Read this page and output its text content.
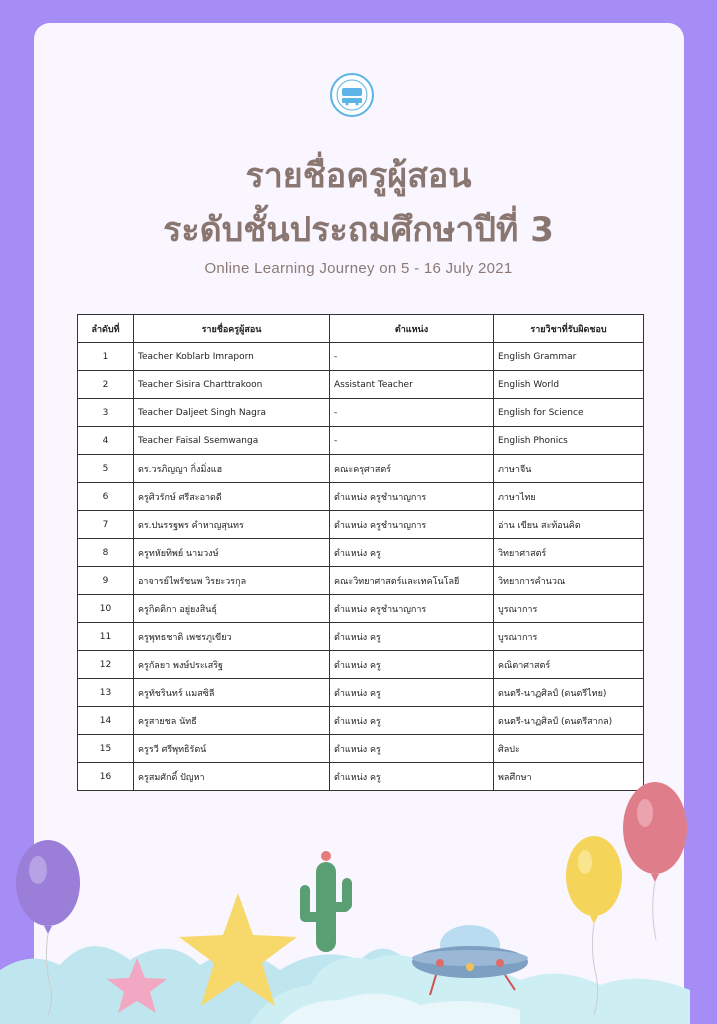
รายชื่อครูผู้สอน
ระดับชั้นประถมศึกษาปีที่ 3
Online Learning Journey on 5 - 16 July 2021
ลำดับที่	รายชื่อครูผู้สอน	ตำแหน่ง	รายวิชาที่รับผิดชอบ
1	Teacher Koblarb Imraporn	-	English Grammar
2	Teacher Sisira Charttrakoon	Assistant Teacher	English World
3	Teacher Daljeet Singh Nagra	-	English for Science
4	Teacher Faisal Ssemwanga	-	English Phonics
5	ดร.วรภิญญา กิ่งมิ่งแฮ	คณะครุศาสตร์	ภาษาจีน
6	ครูศิวรักษ์ ศรีสะอาดดี	ตำแหน่ง ครูชำนาญการ	ภาษาไทย
7	ดร.ปนรรฐพร คำหาญสุนทร	ตำแหน่ง ครูชำนาญการ	อ่าน เขียน สะท้อนคิด
8	ครูทหัยทิพย์ นามวงษ์	ตำแหน่ง ครู	วิทยาศาสตร์
9	อาจารย์ไพรัชนพ วิรยะวรกุล	คณะวิทยาศาสตร์และเทคโนโลยี	วิทยาการคำนวณ
10	ครูกิตติกา อยู่ยงสินธุ์	ตำแหน่ง ครูชำนาญการ	บูรณาการ
11	ครูพุทธชาติ เพชรภูเขียว	ตำแหน่ง ครู	บูรณาการ
12	ครูกัลยา พงษ์ประเสริฐ	ตำแหน่ง ครู	คณิตาศาสตร์
13	ครูทัชรินทร์ แมสซิลี	ตำแหน่ง ครู	ดนตรี-นาฏศิลป์ (ดนตรีไทย)
14	ครูสายชล นัทธี	ตำแหน่ง ครู	ดนตรี-นาฏศิลป์ (ดนตรีสากล)
15	ครูรวี ศรีพุทธิรัตน์	ตำแหน่ง ครู	ศิลปะ
16	ครูสมศักดิ์ ปัญหา	ตำแหน่ง ครู	พลศึกษา
